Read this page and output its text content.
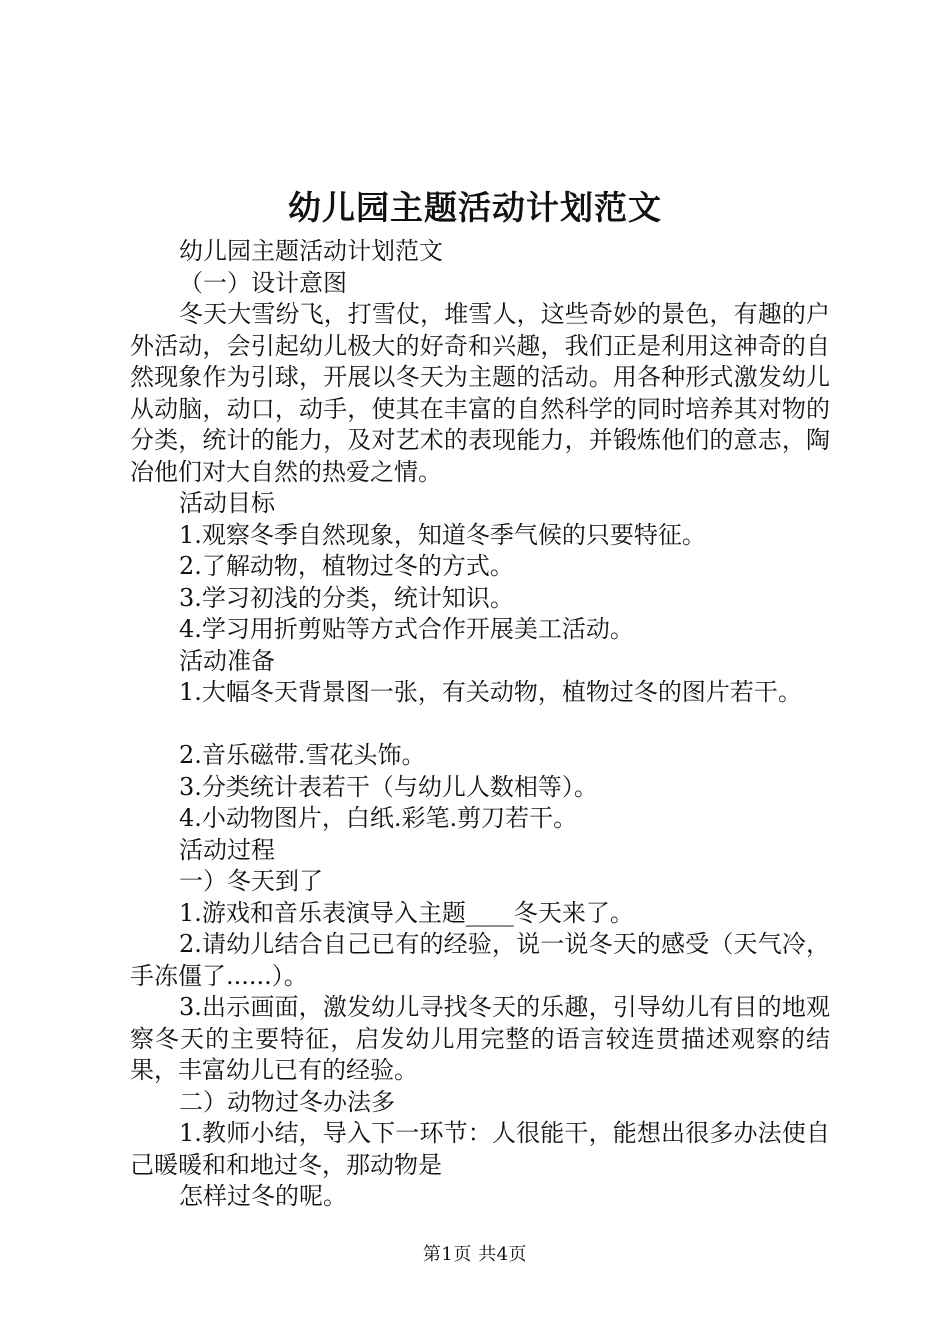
幼儿园主题活动计划范文

幼儿园主题活动计划范文

（一）设计意图

冬天大雪纷飞，打雪仗，堆雪人，这些奇妙的景色，有趣的户外活动，会引起幼儿极大的好奇和兴趣，我们正是利用这神奇的自然现象作为引球，开展以冬天为主题的活动。用各种形式激发幼儿从动脑，动口，动手，使其在丰富的自然科学的同时培养其对物的分类，统计的能力，及对艺术的表现能力，并锻炼他们的意志，陶冶他们对大自然的热爱之情。

活动目标

1.观察冬季自然现象，知道冬季气候的只要特征。

2.了解动物，植物过冬的方式。

3.学习初浅的分类，统计知识。

4.学习用折剪贴等方式合作开展美工活动。

活动准备

1.大幅冬天背景图一张，有关动物，植物过冬的图片若干。

2.音乐磁带.雪花头饰。

3.分类统计表若干（与幼儿人数相等）。

4.小动物图片，白纸.彩笔.剪刀若干。

活动过程

一）冬天到了

1.游戏和音乐表演导入主题____冬天来了。

2.请幼儿结合自己已有的经验，说一说冬天的感受（天气冷，手冻僵了......）。

3.出示画面，激发幼儿寻找冬天的乐趣，引导幼儿有目的地观察冬天的主要特征，启发幼儿用完整的语言较连贯描述观察的结果，丰富幼儿已有的经验。

二）动物过冬办法多

1.教师小结，导入下一环节：人很能干，能想出很多办法使自己暖暖和和地过冬，那动物是

怎样过冬的呢。

第1页 共4页
